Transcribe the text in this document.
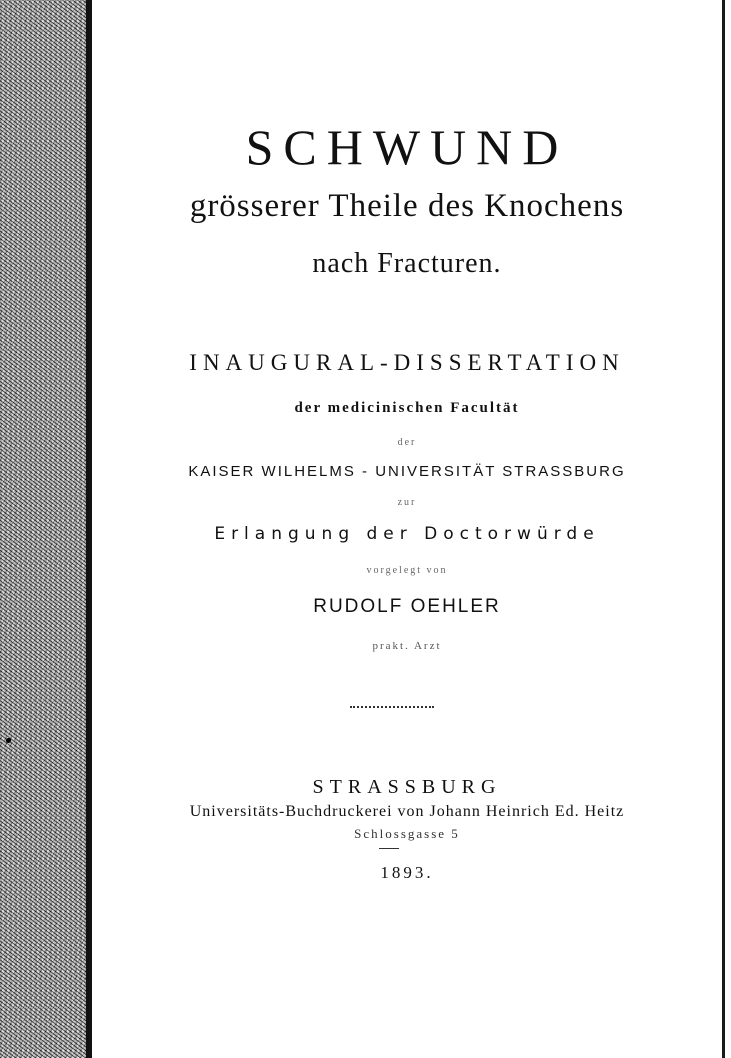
SCHWUND
grösserer Theile des Knochens
nach Fracturen.
INAUGURAL-DISSERTATION
der medicinischen Facultät
der
KAISER WILHELMS - UNIVERSITÄT STRASSBURG
zur
Erlangung der Doctorwürde
vorgelegt von
RUDOLF OEHLER
prakt. Arzt
STRASSBURG
Universitäts-Buchdruckerei von Johann Heinrich Ed. Heitz
Schlossgasse 5
1893.
